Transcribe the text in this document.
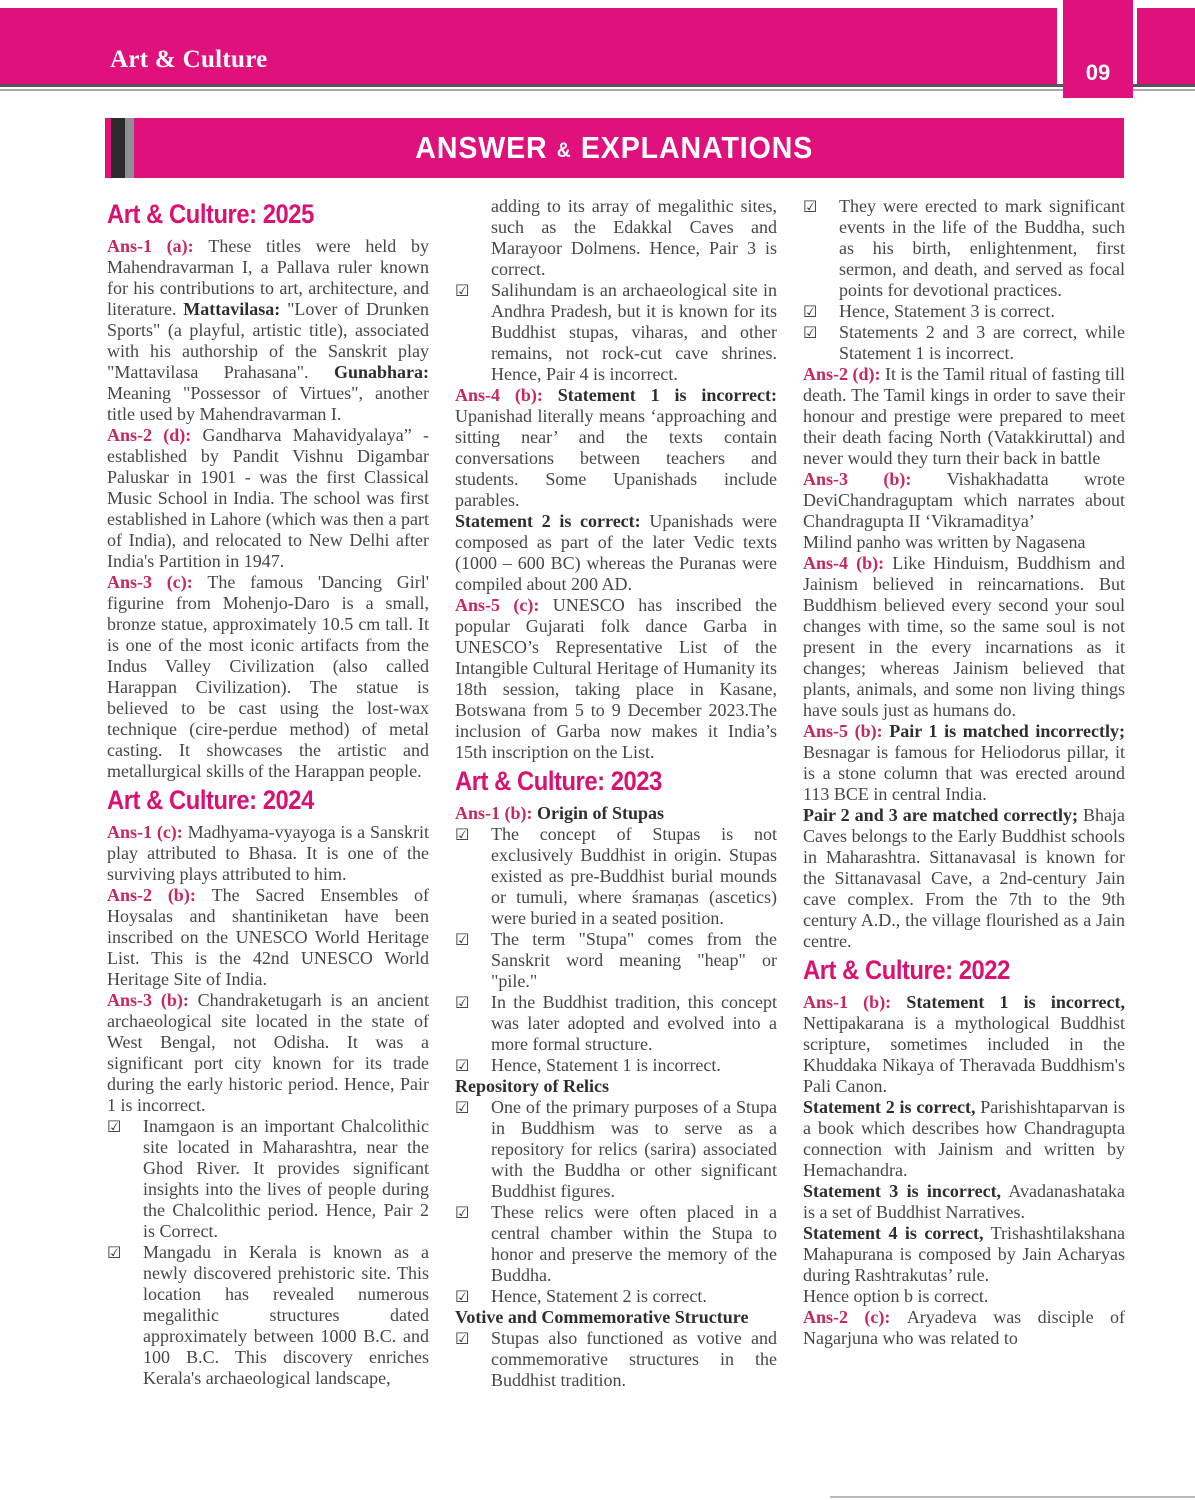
Art & Culture	09
ANSWER & EXPLANATIONS
Art & Culture: 2025
Ans-1 (a): These titles were held by Mahendravarman I, a Pallava ruler known for his contributions to art, architecture, and literature. Mattavilasa: "Lover of Drunken Sports" (a playful, artistic title), associated with his authorship of the Sanskrit play "Mattavilasa Prahasana". Gunabhara: Meaning "Possessor of Virtues", another title used by Mahendravarman I.
Ans-2 (d): Gandharva Mahavidyalaya” - established by Pandit Vishnu Digambar Paluskar in 1901 - was the first Classical Music School in India. The school was first established in Lahore (which was then a part of India), and relocated to New Delhi after India's Partition in 1947.
Ans-3 (c): The famous 'Dancing Girl' figurine from Mohenjo-Daro is a small, bronze statue, approximately 10.5 cm tall. It is one of the most iconic artifacts from the Indus Valley Civilization (also called Harappan Civilization). The statue is believed to be cast using the lost-wax technique (cire-perdue method) of metal casting. It showcases the artistic and metallurgical skills of the Harappan people.
Art & Culture: 2024
Ans-1 (c): Madhyama-vyayoga is a Sanskrit play attributed to Bhasa. It is one of the surviving plays attributed to him.
Ans-2 (b): The Sacred Ensembles of Hoysalas and shantiniketan have been inscribed on the UNESCO World Heritage List. This is the 42nd UNESCO World Heritage Site of India.
Ans-3 (b): Chandraketugarh is an ancient archaeological site located in the state of West Bengal, not Odisha. It was a significant port city known for its trade during the early historic period. Hence, Pair 1 is incorrect.
☑	Inamgaon is an important Chalcolithic site located in Maharashtra, near the Ghod River. It provides significant insights into the lives of people during the Chalcolithic period. Hence, Pair 2 is Correct.
☑	Mangadu in Kerala is known as a newly discovered prehistoric site. This location has revealed numerous megalithic structures dated approximately between 1000 B.C. and 100 B.C. This discovery enriches Kerala's archaeological landscape,
adding to its array of megalithic sites, such as the Edakkal Caves and Marayoor Dolmens. Hence, Pair 3 is correct.
☑	Salihundam is an archaeological site in Andhra Pradesh, but it is known for its Buddhist stupas, viharas, and other remains, not rock-cut cave shrines. Hence, Pair 4 is incorrect.
Ans-4 (b): Statement 1 is incorrect: Upanishad literally means ‘approaching and sitting near’ and the texts contain conversations between teachers and students. Some Upanishads include parables.
Statement 2 is correct: Upanishads were composed as part of the later Vedic texts (1000 – 600 BC) whereas the Puranas were compiled about 200 AD.
Ans-5 (c): UNESCO has inscribed the popular Gujarati folk dance Garba in UNESCO’s Representative List of the Intangible Cultural Heritage of Humanity its 18th session, taking place in Kasane, Botswana from 5 to 9 December 2023.The inclusion of Garba now makes it India’s 15th inscription on the List.
Art & Culture: 2023
Ans-1 (b): Origin of Stupas
☑	The concept of Stupas is not exclusively Buddhist in origin. Stupas existed as pre-Buddhist burial mounds or tumuli, where śramaṇas (ascetics) were buried in a seated position.
☑	The term "Stupa" comes from the Sanskrit word meaning "heap" or "pile."
☑	In the Buddhist tradition, this concept was later adopted and evolved into a more formal structure.
☑	Hence, Statement 1 is incorrect.
Repository of Relics
☑	One of the primary purposes of a Stupa in Buddhism was to serve as a repository for relics (sarira) associated with the Buddha or other significant Buddhist figures.
☑	These relics were often placed in a central chamber within the Stupa to honor and preserve the memory of the Buddha.
☑	Hence, Statement 2 is correct.
Votive and Commemorative Structure
☑	Stupas also functioned as votive and commemorative structures in the Buddhist tradition.
☑	They were erected to mark significant events in the life of the Buddha, such as his birth, enlightenment, first sermon, and death, and served as focal points for devotional practices.
☑	Hence, Statement 3 is correct.
☑	Statements 2 and 3 are correct, while Statement 1 is incorrect.
Ans-2 (d): It is the Tamil ritual of fasting till death. The Tamil kings in order to save their honour and prestige were prepared to meet their death facing North (Vatakkiruttal) and never would they turn their back in battle
Ans-3 (b): Vishakhadatta wrote DeviChandraguptam which narrates about Chandragupta II ‘Vikramaditya’
Milind panho was written by Nagasena
Ans-4 (b): Like Hinduism, Buddhism and Jainism believed in reincarnations. But Buddhism believed every second your soul changes with time, so the same soul is not present in the every incarnations as it changes; whereas Jainism believed that plants, animals, and some non living things have souls just as humans do.
Ans-5 (b): Pair 1 is matched incorrectly; Besnagar is famous for Heliodorus pillar, it is a stone column that was erected around 113 BCE in central India.
Pair 2 and 3 are matched correctly; Bhaja Caves belongs to the Early Buddhist schools in Maharashtra. Sittanavasal is known for the Sittanavasal Cave, a 2nd-century Jain cave complex. From the 7th to the 9th century A.D., the village flourished as a Jain centre.
Art & Culture: 2022
Ans-1 (b): Statement 1 is incorrect, Nettipakarana is a mythological Buddhist scripture, sometimes included in the Khuddaka Nikaya of Theravada Buddhism's Pali Canon.
Statement 2 is correct, Parishishtaparvan is a book which describes how Chandragupta connection with Jainism and written by Hemachandra.
Statement 3 is incorrect, Avadanashataka is a set of Buddhist Narratives.
Statement 4 is correct, Trishashtilakshana Mahapurana is composed by Jain Acharyas during Rashtrakutas’ rule.
Hence option b is correct.
Ans-2 (c): Aryadeva was disciple of Nagarjuna who was related to
